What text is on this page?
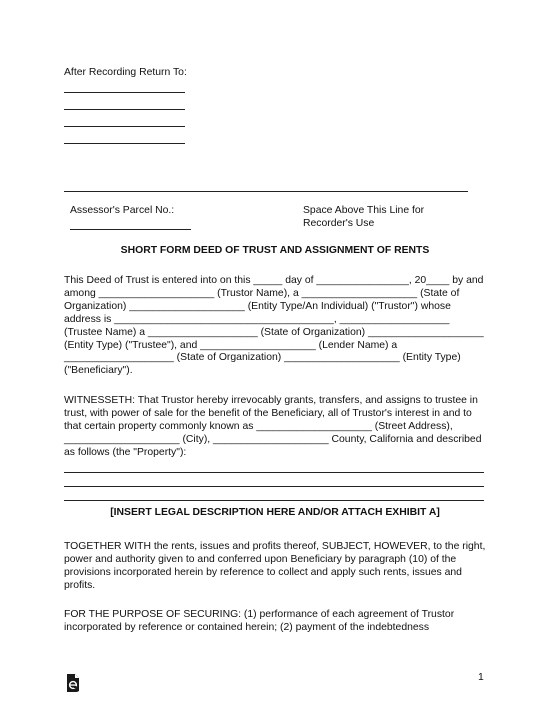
After Recording Return To:

Assessor's Parcel No.:	Space Above This Line for

Recorder's Use

SHORT FORM DEED OF TRUST AND ASSIGNMENT OF RENTS

This Deed of Trust is entered into on this _____ day of ________________, 20____ by and among ____________________ (Trustor Name), a ____________________ (State of Organization) ____________________ (Entity Type/An Individual) ("Trustor") whose address is ______________________________________, ___________________ (Trustee Name) a ___________________ (State of Organization) ____________________ (Entity Type) ("Trustee"), and ____________________ (Lender Name) a ___________________ (State of Organization) ____________________ (Entity Type) ("Beneficiary").

WITNESSETH: That Trustor hereby irrevocably grants, transfers, and assigns to trustee in trust, with power of sale for the benefit of the Beneficiary, all of Trustor's interest in and to that certain property commonly known as ____________________ (Street Address), ____________________ (City), ____________________ County, California and described as follows (the "Property"):

[INSERT LEGAL DESCRIPTION HERE AND/OR ATTACH EXHIBIT A]

TOGETHER WITH the rents, issues and profits thereof, SUBJECT, HOWEVER, to the right, power and authority given to and conferred upon Beneficiary by paragraph (10) of the provisions incorporated herein by reference to collect and apply such rents, issues and profits.

FOR THE PURPOSE OF SECURING: (1) performance of each agreement of Trustor incorporated by reference or contained herein; (2) payment of the indebtedness

1
